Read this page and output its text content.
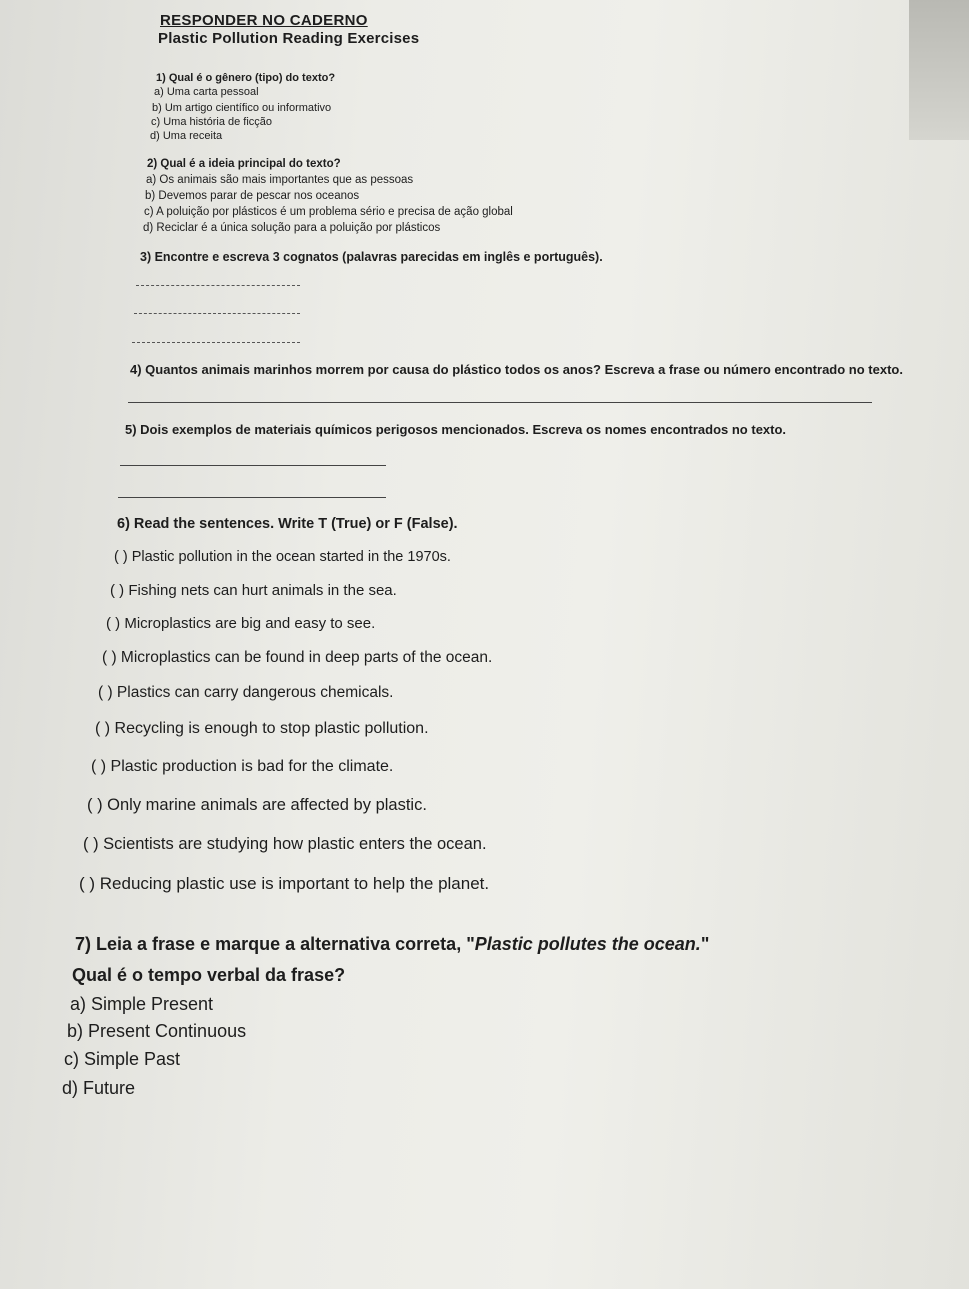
RESPONDER NO CADERNO
Plastic Pollution Reading Exercises
1) Qual é o gênero (tipo) do texto?
a) Uma carta pessoal
b) Um artigo científico ou informativo
c) Uma história de ficção
d) Uma receita
2) Qual é a ideia principal do texto?
a) Os animais são mais importantes que as pessoas
b) Devemos parar de pescar nos oceanos
c) A poluição por plásticos é um problema sério e precisa de ação global
d) Reciclar é a única solução para a poluição por plásticos
3) Encontre e escreva 3 cognatos (palavras parecidas em inglês e português).
4) Quantos animais marinhos morrem por causa do plástico todos os anos? Escreva a frase ou número encontrado no texto.
5) Dois exemplos de materiais químicos perigosos mencionados. Escreva os nomes encontrados no texto.
6) Read the sentences. Write T (True) or F (False).
( ) Plastic pollution in the ocean started in the 1970s.
( ) Fishing nets can hurt animals in the sea.
( ) Microplastics are big and easy to see.
( ) Microplastics can be found in deep parts of the ocean.
( ) Plastics can carry dangerous chemicals.
( ) Recycling is enough to stop plastic pollution.
( ) Plastic production is bad for the climate.
( ) Only marine animals are affected by plastic.
( ) Scientists are studying how plastic enters the ocean.
( ) Reducing plastic use is important to help the planet.
7) Leia a frase e marque a alternativa correta, "Plastic pollutes the ocean."
Qual é o tempo verbal da frase?
a) Simple Present
b) Present Continuous
c) Simple Past
d) Future
